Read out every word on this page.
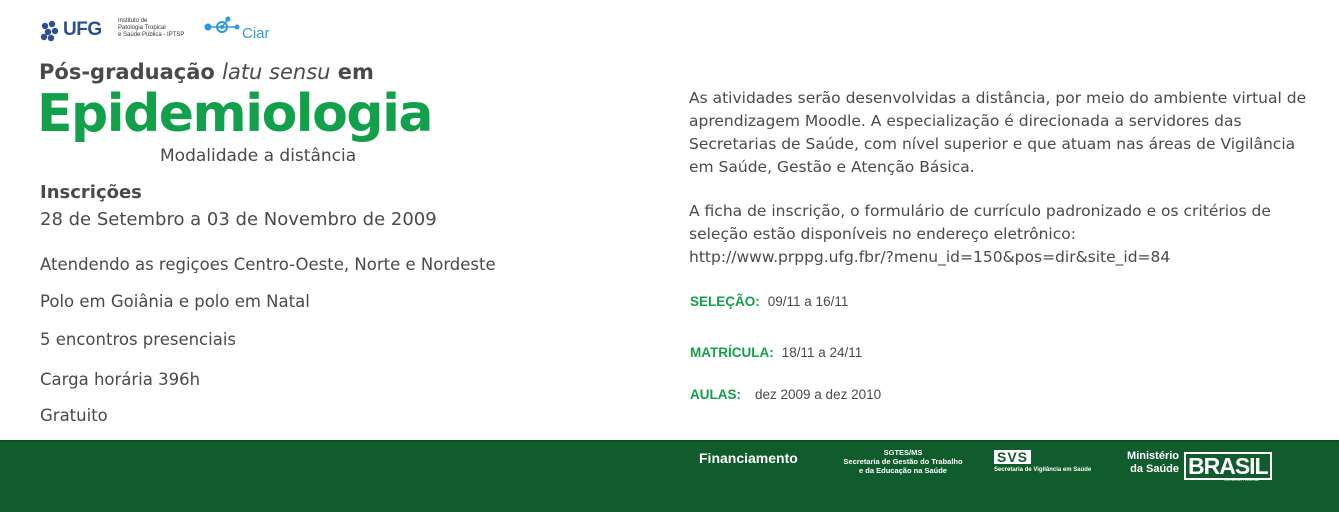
UFG	Instituto de
Patologia Tropical
e Saúde Pública - IPTSP	Ciar
Pós-graduação latu sensu em
Epidemiologia
Modalidade a distância
Inscrições
28 de Setembro a 03 de Novembro de 2009
Atendendo as regiçoes Centro-Oeste, Norte e Nordeste
Polo em Goiânia e polo em Natal
5 encontros presenciais
Carga horária 396h
Gratuito
As atividades serão desenvolvidas a distância, por meio do ambiente virtual de aprendizagem Moodle. A especialização é direcionada a servidores das Secretarias de Saúde, com nível superior e que atuam nas áreas de Vigilância em Saúde, Gestão e Atenção Básica.
A ficha de inscrição, o formulário de currículo padronizado e os critérios de seleção estão disponíveis no endereço eletrônico:
http://www.prppg.ufg.fbr/?menu_id=150&pos=dir&site_id=84
SELEÇÃO: 09/11 a 16/11
MATRÍCULA: 18/11 a 24/11
AULAS: dez 2009 a dez 2010
Financiamento	SGTES/MS
Secretaria de Gestão do Trabalho
e da Educação na Saúde
SVS
Secretaria de Vigilância em Saúde
Ministério
da Saúde BRASIL
GOVERNO FEDERAL
